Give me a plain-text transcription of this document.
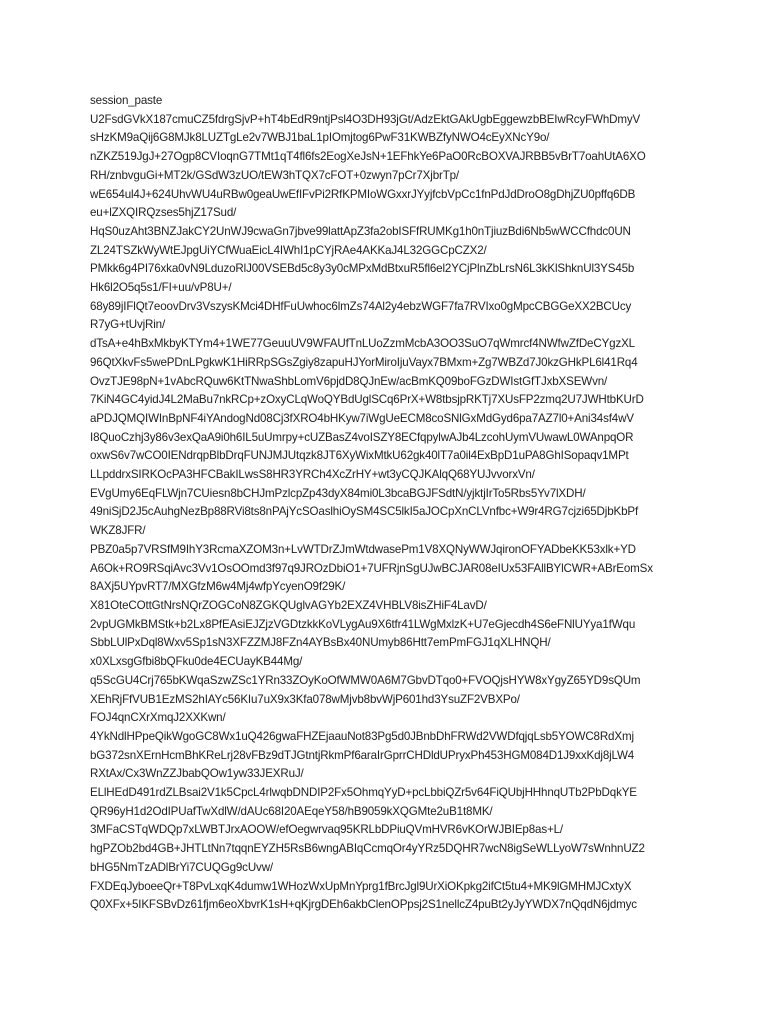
session_paste
U2FsdGVkX187cmuCZ5fdrgSjvP+hT4bEdR9ntjPsl4O3DH93jGt/AdzEktGAkUgbEggewzbBEIwRcyFWhDmyV
sHzKM9aQij6G8MJk8LUZTgLe2v7WBJ1baL1pIOmjtog6PwF31KWBZfyNWO4cEyXNcY9o/
nZKZ519JgJ+27Ogp8CVIoqnG7TMt1qT4fl6fs2EogXeJsN+1EFhkYe6PaO0RcBOXVAJRBB5vBrT7oahUtA6XO
RH/znbvguGi+MT2k/GSdW3zUO/tEW3hTQX7cFOT+0zwyn7pCr7XjbrTp/
wE654ul4J+624UhvWU4uRBw0geaUwEfIFvPi2RfKPMIoWGxxrJYyjfcbVpCc1fnPdJdDroO8gDhjZU0pffq6DB
eu+lZXQIRQzses5hjZ17Sud/
HqS0uzAht3BNZJakCY2UnWJ9cwaGn7jbve99lattApZ3fa2obISFfRUMKg1h0nTjiuzBdi6Nb5wWCCfhdc0UN
ZL24TSZkWyWtEJpgUiYCfWuaEicL4IWhI1pCYjRAe4AKKaJ4L32GGCpCZX2/
PMkk6g4PI76xka0vN9LduzoRlJ00VSEBd5c8y3y0cMPxMdBtxuR5fl6el2YCjPlnZbLrsN6L3kKlShknUl3YS45b
Hk6l2O5q5s1/FI+uu/vP8U+/
68y89jIFlQt7eoovDrv3VszysKMci4DHfFuUwhoc6lmZs74Al2y4ebzWGF7fa7RVIxo0gMpcCBGGeXX2BCUcy
R7yG+tUvjRin/
dTsA+e4hBxMkbyKTYm4+1WE77GeuuUV9WFAUfTnLUoZzmMcbA3OO3SuO7qWmrcf4NWfwZfDeCYgzXL
96QtXkvFs5wePDnLPgkwK1HiRRpSGsZgiy8zapuHJYorMiroIjuVayx7BMxm+Zg7WBZd7J0kzGHkPL6l41Rq4
OvzTJE98pN+1vAbcRQuw6KtTNwaShbLomV6pjdD8QJnEw/acBmKQ09boFGzDWIstGfTJxbXSEWvn/
7KiN4GC4yidJ4L2MaBu7nkRCp+zOxyCLqWoQYBdUglSCq6PrX+W8tbsjpRKTj7XUsFP2zmq2U7JWHtbKUrD
aPDJQMQIWInBpNF4iYAndogNd08Cj3fXRO4bHKyw7iWgUeECM8coSNlGxMdGyd6pa7AZ7l0+Ani34sf4wV
I8QuoCzhj3y86v3exQaA9i0h6IL5uUmrpy+cUZBasZ4voISZY8ECfqpylwAJb4LzcohUymVUwawL0WAnpqOR
oxwS6v7wCO0IENdrqpBlbDrqFUNJMJUtqzk8JT6XyWixMtkU62gk40lT7a0il4ExBpD1uPA8GhISopaqv1MPt
LLpddrxSIRKOcPA3HFCBakILwsS8HR3YRCh4XcZrHY+wt3yCQJKAlqQ68YUJvvorxVn/
EVgUmy6EqFLWjn7CUiesn8bCHJmPzlcpZp43dyX84mi0L3bcaBGJFSdtN/yjktjIrTo5Rbs5Yv7lXDH/
49niSjD2J5cAuhgNezBp88RVi8ts8nPAjYcSOaslhiOySM4SC5lkI5aJOCpXnCLVnfbc+W9r4RG7cjzi65DjbKbPf
WKZ8JFR/
PBZ0a5p7VRSfM9IhY3RcmaXZOM3n+LvWTDrZJmWtdwasePm1V8XQNyWWJqironOFYADbeKK53xlk+YD
A6Ok+RO9RSqiAvc3Vv1OsOOmd3f97q9JROzDbiO1+7UFRjnSgUJwBCJAR08eIUx53FAllBYlCWR+ABrEomSx
8AXj5UYpvRT7/MXGfzM6w4Mj4wfpYcyenO9f29K/
X81OteCOttGtNrsNQrZOGCoN8ZGKQUglvAGYb2EXZ4VHBLV8isZHiF4LavD/
2vpUGMkBMStk+b2Lx8PfEAsiEJZjzVGDtzkkKoVLygAu9X6tfr41LWgMxlzK+U7eGjecdh4S6eFNlUYya1fWqu
SbbLUlPxDql8Wxv5Sp1sN3XFZZMJ8FZn4AYBsBx40NUmyb86Htt7emPmFGJ1qXLHNQH/
x0XLxsgGfbi8bQFku0de4ECUayKB44Mg/
q5ScGU4Crj765bKWqaSzwZSc1YRn33ZOyKoOfWMW0A6M7GbvDTqo0+FVOQjsHYW8xYgyZ65YD9sQUm
XEhRjFfVUB1EzMS2hIAYc56KIu7uX9x3Kfa078wMjvb8bvWjP601hd3YsuZF2VBXPo/
FOJ4qnCXrXmqJ2XXKwn/
4YkNdlHPpeQikWgoGC8Wx1uQ426gwaFHZEjaauNot83Pg5d0JBnbDhFRWd2VWDfqjqLsb5YOWC8RdXmj
bG372snXErnHcmBhKReLrj28vFBz9dTJGtntjRkmPf6araIrGprrCHDldUPryxPh453HGM084D1J9xxKdj8jLW4
RXtAx/Cx3WnZZJbabQOw1yw33JEXRuJ/
ELlHEdD491rdZLBsai2V1k5CpcL4rlwqbDNDIP2Fx5OhmqYyD+pcLbbiQZr5v64FiQUbjHHhnqUTb2PbDqkYE
QR96yH1d2OdIPUafTwXdlW/dAUc68I20AEqeY58/hB9059kXQGMte2uB1t8MK/
3MFaCSTqWDQp7xLWBTJrxAOOW/efOegwrvaq95KRLbDPiuQVmHVR6vKOrWJBIEp8as+L/
hgPZOb2bd4GB+JHTLtNn7tqqnEYZH5RsB6wngABIqCcmqOr4yYRz5DQHR7wcN8igSeWLLyoW7sWnhnUZ2
bHG5NmTzADlBrYi7CUQGg9cUvw/
FXDEqJyboeeQr+T8PvLxqK4dumw1WHozWxUpMnYprg1fBrcJgl9UrXiOKpkg2ifCt5tu4+MK9lGMHMJCxtyX
Q0XFx+5IKFSBvDz61fjm6eoXbvrK1sH+qKjrgDEh6akbClenOPpsj2S1nellcZ4puBt2yJyYWDX7nQqdN6jdmyc
